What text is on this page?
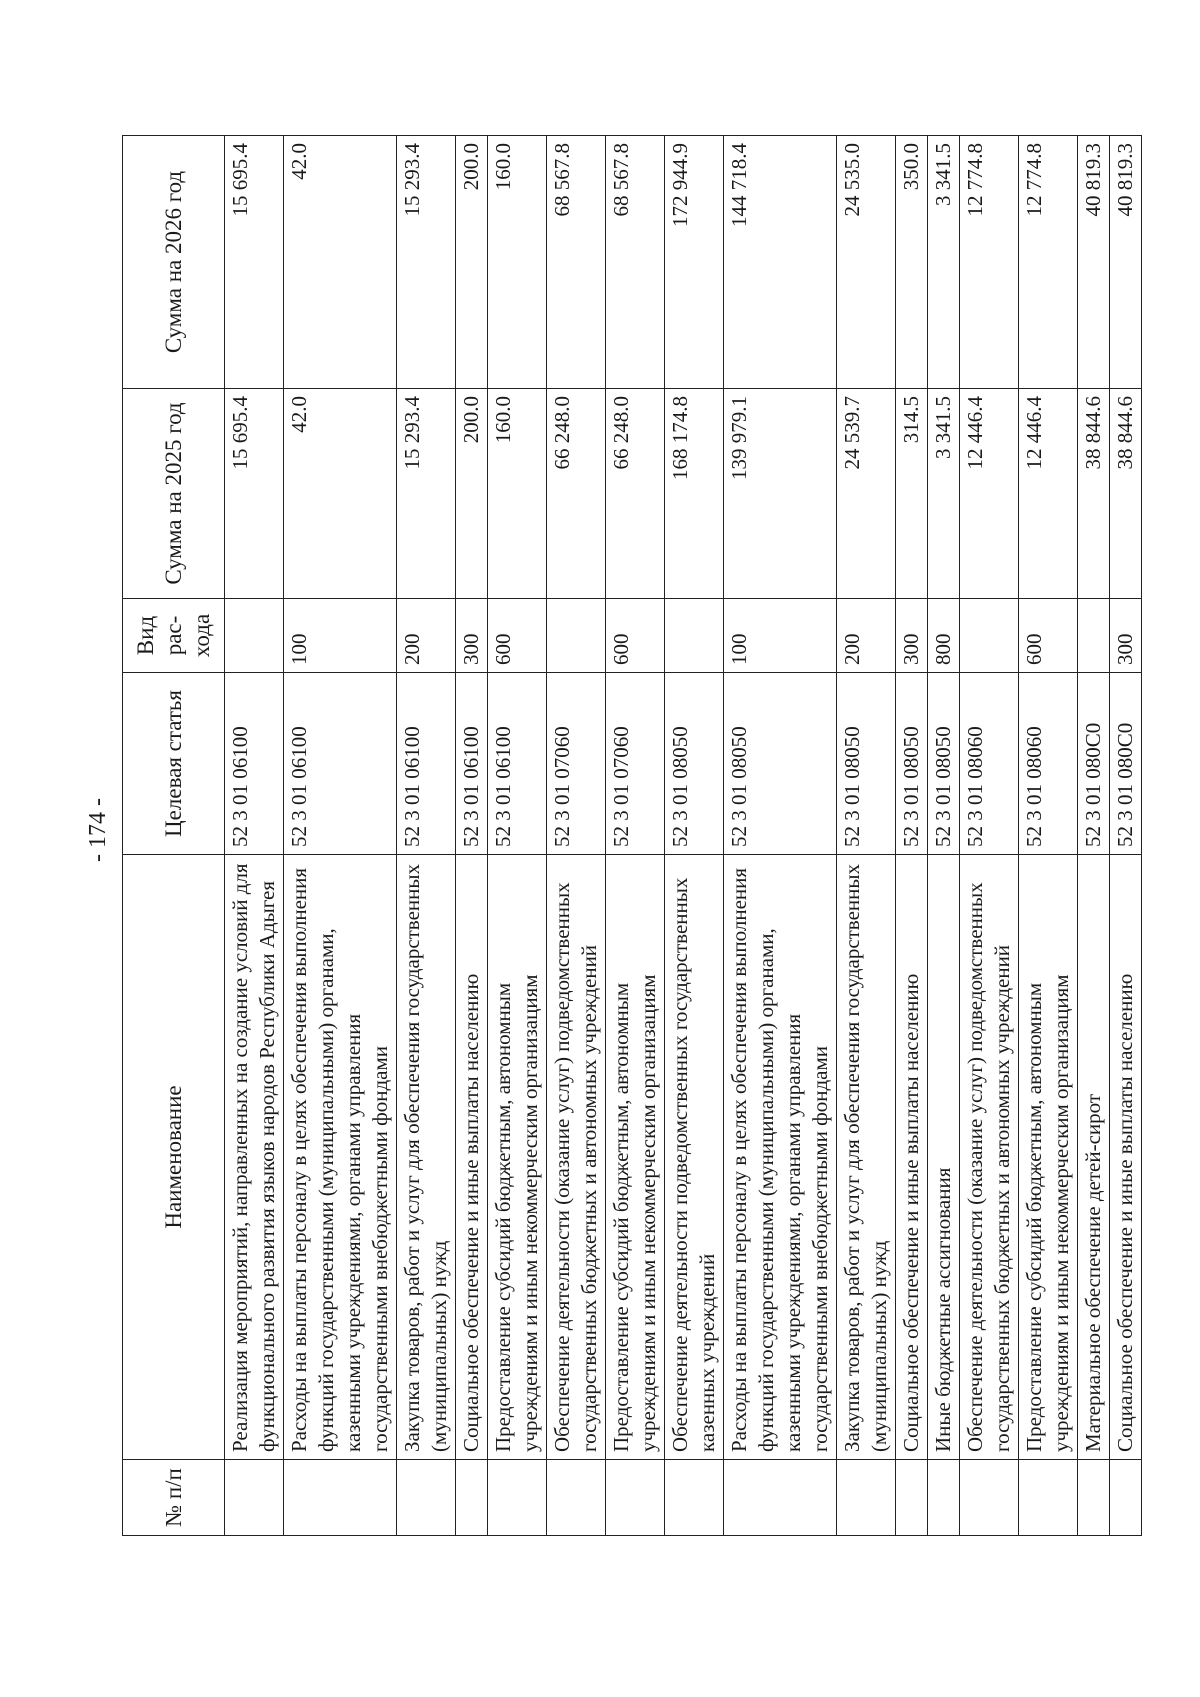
- 174 -
№ п/п	Наименование	Целевая статья	Вид рас-хода	Сумма на 2025 год	Сумма на 2026 год
	Реализация мероприятий, направленных на создание условий для функционального развития языков народов Республики Адыгея	52 3 01 06100		15 695.4	15 695.4
	Расходы на выплаты персоналу в целях обеспечения выполнения функций государственными (муниципальными) органами, казенными учреждениями, органами управления государственными внебюджетными фондами	52 3 01 06100	100	42.0	42.0
	Закупка товаров, работ и услуг для обеспечения государственных (муниципальных) нужд	52 3 01 06100	200	15 293.4	15 293.4
	Социальное обеспечение и иные выплаты населению	52 3 01 06100	300	200.0	200.0
	Предоставление субсидий бюджетным, автономным учреждениям и иным некоммерческим организациям	52 3 01 06100	600	160.0	160.0
	Обеспечение деятельности (оказание услуг) подведомственных государственных бюджетных и автономных учреждений	52 3 01 07060		66 248.0	68 567.8
	Предоставление субсидий бюджетным, автономным учреждениям и иным некоммерческим организациям	52 3 01 07060	600	66 248.0	68 567.8
	Обеспечение деятельности подведомственных государственных казенных учреждений	52 3 01 08050		168 174.8	172 944.9
	Расходы на выплаты персоналу в целях обеспечения выполнения функций государственными (муниципальными) органами, казенными учреждениями, органами управления государственными внебюджетными фондами	52 3 01 08050	100	139 979.1	144 718.4
	Закупка товаров, работ и услуг для обеспечения государственных (муниципальных) нужд	52 3 01 08050	200	24 539.7	24 535.0
	Социальное обеспечение и иные выплаты населению	52 3 01 08050	300	314.5	350.0
	Иные бюджетные ассигнования	52 3 01 08050	800	3 341.5	3 341.5
	Обеспечение деятельности (оказание услуг) подведомственных государственных бюджетных и автономных учреждений	52 3 01 08060		12 446.4	12 774.8
	Предоставление субсидий бюджетным, автономным учреждениям и иным некоммерческим организациям	52 3 01 08060	600	12 446.4	12 774.8
	Материальное обеспечение детей-сирот	52 3 01 080C0		38 844.6	40 819.3
	Социальное обеспечение и иные выплаты населению	52 3 01 080C0	300	38 844.6	40 819.3
